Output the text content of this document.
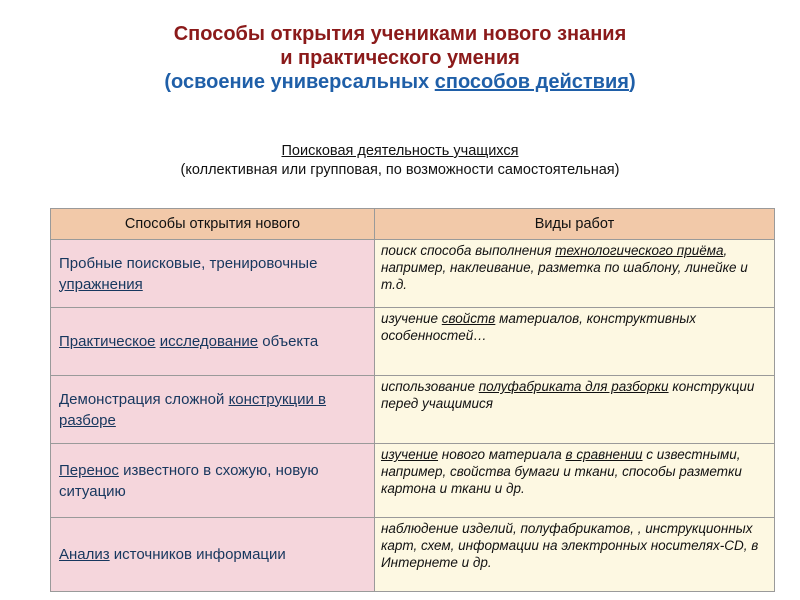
Способы открытия учениками нового знания
и практического умения
(освоение универсальных способов действия)
Поисковая деятельность учащихся
(коллективная или групповая, по возможности самостоятельная)
Способы открытия нового	Виды работ
Пробные поисковые, тренировочные упражнения	поиск способа выполнения технологического приёма, например, наклеивание, разметка по шаблону, линейке и т.д.
Практическое исследование объекта	изучение свойств материалов, конструктивных особенностей…
Демонстрация сложной конструкции в разборе	использование полуфабриката для разборки конструкции перед учащимися
Перенос известного в схожую, новую ситуацию	изучение нового материала в сравнении с известными, например, свойства бумаги и ткани, способы разметки картона и ткани и др.
Анализ источников информации	наблюдение изделий, полуфабрикатов, , инструкционных карт, схем, информации на электронных носителях-CD, в Интернете и др.
